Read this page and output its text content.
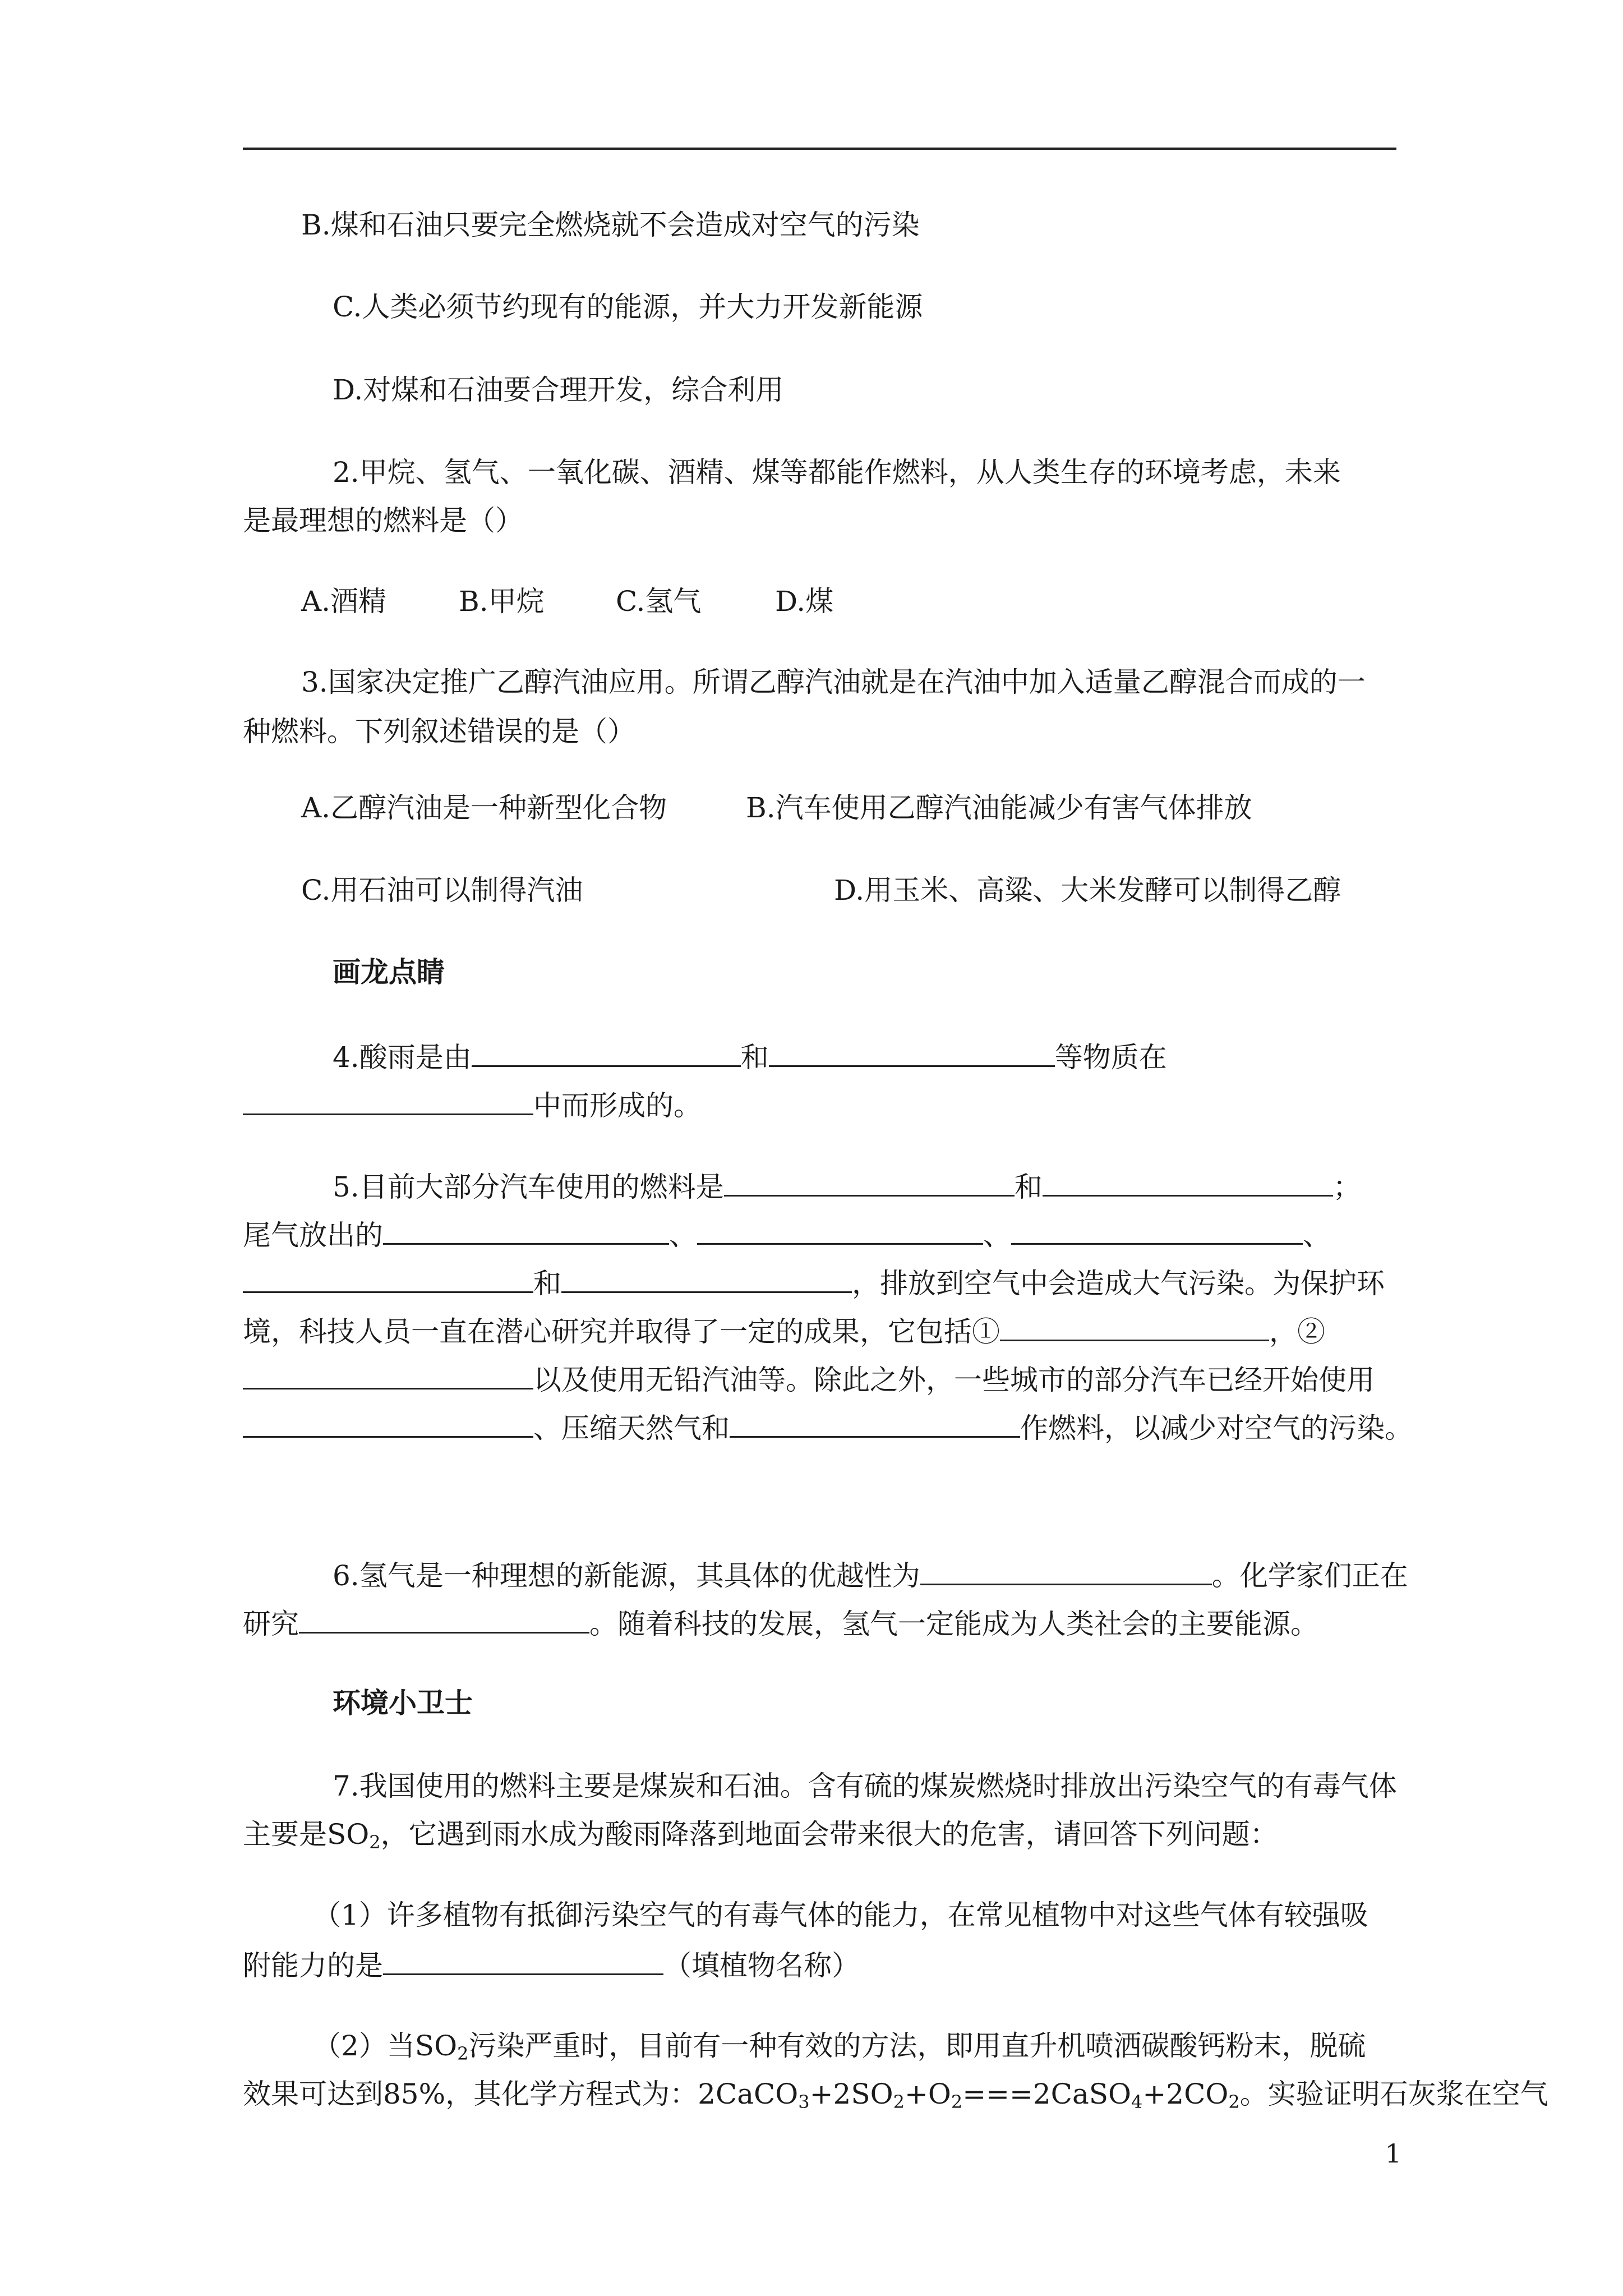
B.煤和石油只要完全燃烧就不会造成对空气的污染
C.人类必须节约现有的能源，并大力开发新能源
D.对煤和石油要合理开发，综合利用
2.甲烷、氢气、一氧化碳、酒精、煤等都能作燃料，从人类生存的环境考虑，未来
是最理想的燃料是（）
A.酒精	B.甲烷	C.氢气	D.煤
3.国家决定推广乙醇汽油应用。所谓乙醇汽油就是在汽油中加入适量乙醇混合而成的一
种燃料。下列叙述错误的是（）
A.乙醇汽油是一种新型化合物	B.汽车使用乙醇汽油能减少有害气体排放
C.用石油可以制得汽油	D.用玉米、高粱、大米发酵可以制得乙醇
画龙点睛
4.酸雨是由	和	等物质在
中而形成的。
5.目前大部分汽车使用的燃料是	和	；
尾气放出的	、	、	、
和	，排放到空气中会造成大气污染。为保护环
境，科技人员一直在潜心研究并取得了一定的成果，它包括①	，②
以及使用无铅汽油等。除此之外，一些城市的部分汽车已经开始使用
、压缩天然气和	作燃料，以减少对空气的污染。
6.氢气是一种理想的新能源，其具体的优越性为	。化学家们正在
研究	。随着科技的发展，氢气一定能成为人类社会的主要能源。
环境小卫士
7.我国使用的燃料主要是煤炭和石油。含有硫的煤炭燃烧时排放出污染空气的有毒气体
主要是$SO_2$，它遇到雨水成为酸雨降落到地面会带来很大的危害，请回答下列问题：
（1）许多植物有抵御污染空气的有毒气体的能力，在常见植物中对这些气体有较强吸
附能力的是	（填植物名称）
（2）当$SO_2$污染严重时，目前有一种有效的方法，即用直升机喷洒碳酸钙粉末，脱硫
效果可达到85%，其化学方程式为：$2CaCO_3+2SO_2+O_2===2CaSO_4+2CO_2$。实验证明石灰浆在空气
1
